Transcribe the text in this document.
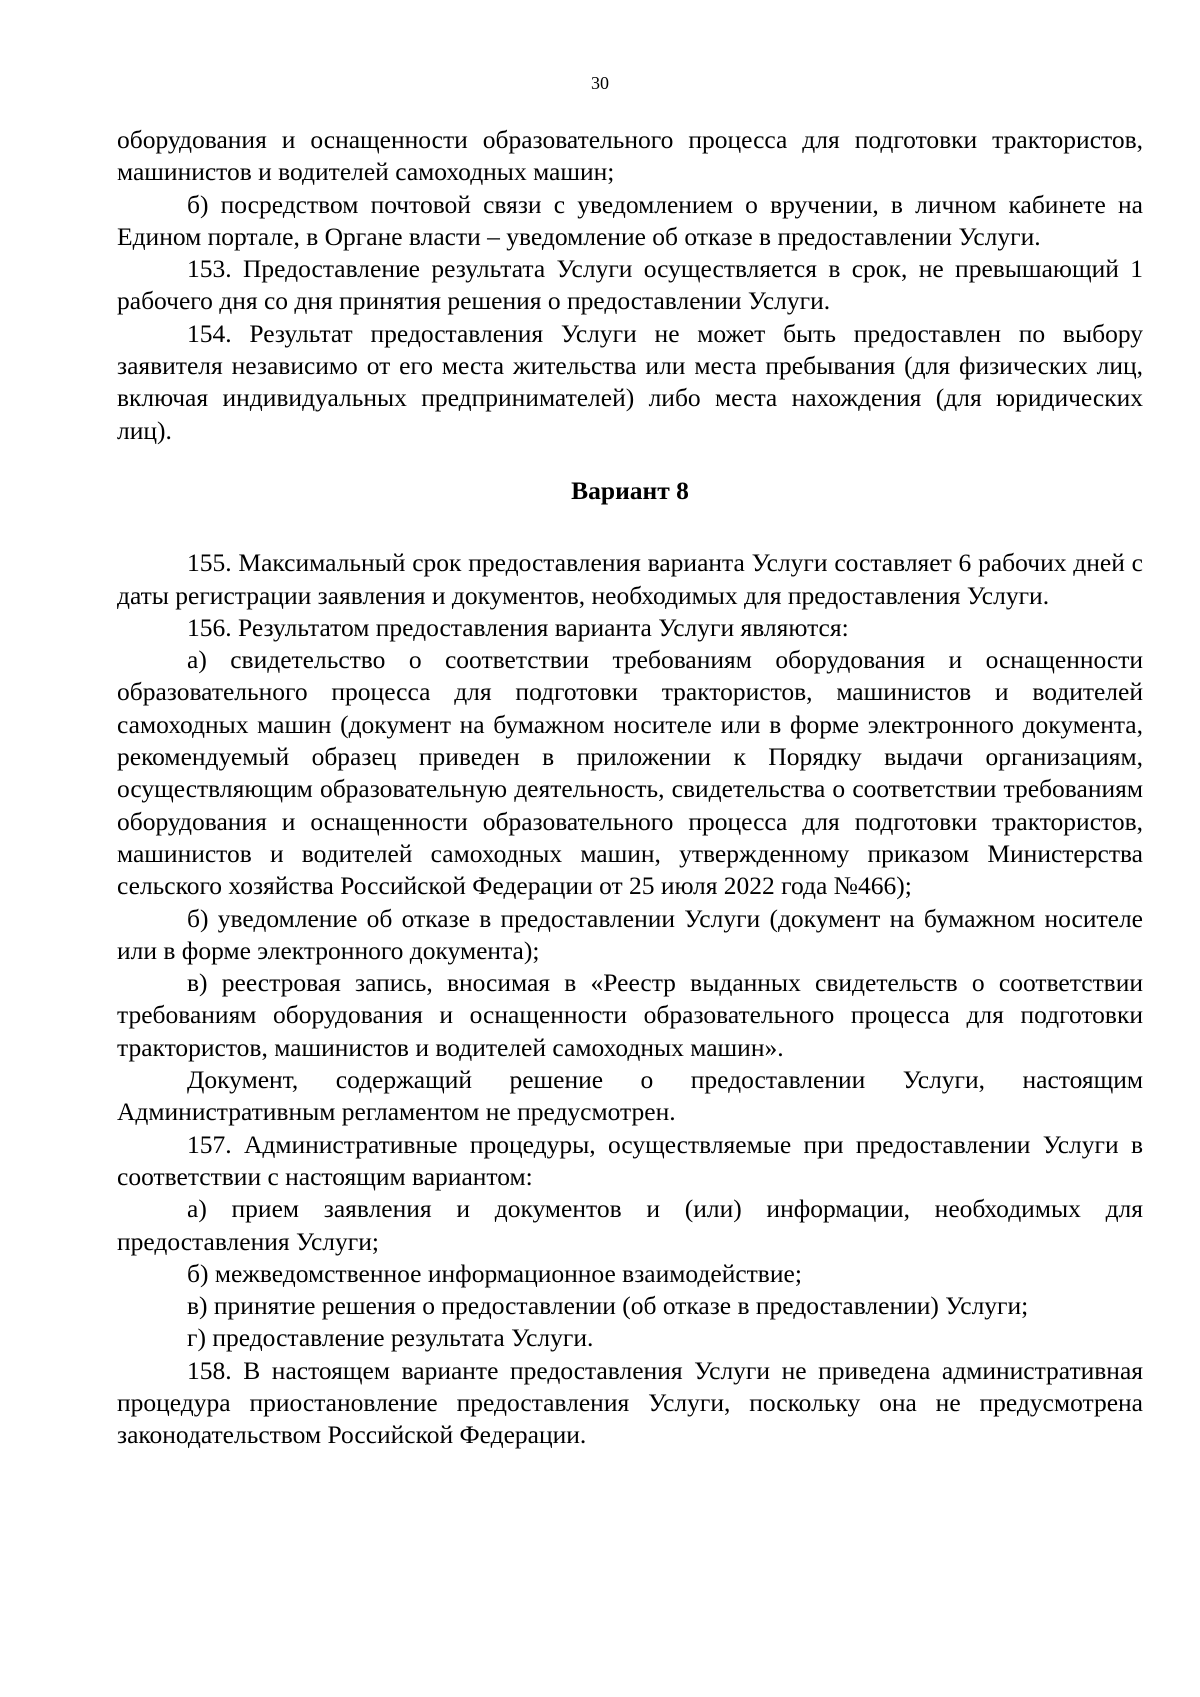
30

оборудования и оснащенности образовательного процесса для подготовки трактористов, машинистов и водителей самоходных машин;

б) посредством почтовой связи с уведомлением о вручении, в личном кабинете на Едином портале, в Органе власти – уведомление об отказе в предоставлении Услуги.

153. Предоставление результата Услуги осуществляется в срок, не превышающий 1 рабочего дня со дня принятия решения о предоставлении Услуги.

154. Результат предоставления Услуги не может быть предоставлен по выбору заявителя независимо от его места жительства или места пребывания (для физических лиц, включая индивидуальных предпринимателей) либо места нахождения (для юридических лиц).

Вариант 8

155. Максимальный срок предоставления варианта Услуги составляет 6 рабочих дней с даты регистрации заявления и документов, необходимых для предоставления Услуги.

156. Результатом предоставления варианта Услуги являются:

а) свидетельство о соответствии требованиям оборудования и оснащенности образовательного процесса для подготовки трактористов, машинистов и водителей самоходных машин (документ на бумажном носителе или в форме электронного документа, рекомендуемый образец приведен в приложении к Порядку выдачи организациям, осуществляющим образовательную деятельность, свидетельства о соответствии требованиям оборудования и оснащенности образовательного процесса для подготовки трактористов, машинистов и водителей самоходных машин, утвержденному приказом Министерства сельского хозяйства Российской Федерации от 25 июля 2022 года №466);

б) уведомление об отказе в предоставлении Услуги (документ на бумажном носителе или в форме электронного документа);

в) реестровая запись, вносимая в «Реестр выданных свидетельств о соответствии требованиям оборудования и оснащенности образовательного процесса для подготовки трактористов, машинистов и водителей самоходных машин».

Документ, содержащий решение о предоставлении Услуги, настоящим Административным регламентом не предусмотрен.

157. Административные процедуры, осуществляемые при предоставлении Услуги в соответствии с настоящим вариантом:

а) прием заявления и документов и (или) информации, необходимых для предоставления Услуги;

б) межведомственное информационное взаимодействие;

в) принятие решения о предоставлении (об отказе в предоставлении) Услуги;

г) предоставление результата Услуги.

158. В настоящем варианте предоставления Услуги не приведена административная процедура приостановление предоставления Услуги, поскольку она не предусмотрена законодательством Российской Федерации.
